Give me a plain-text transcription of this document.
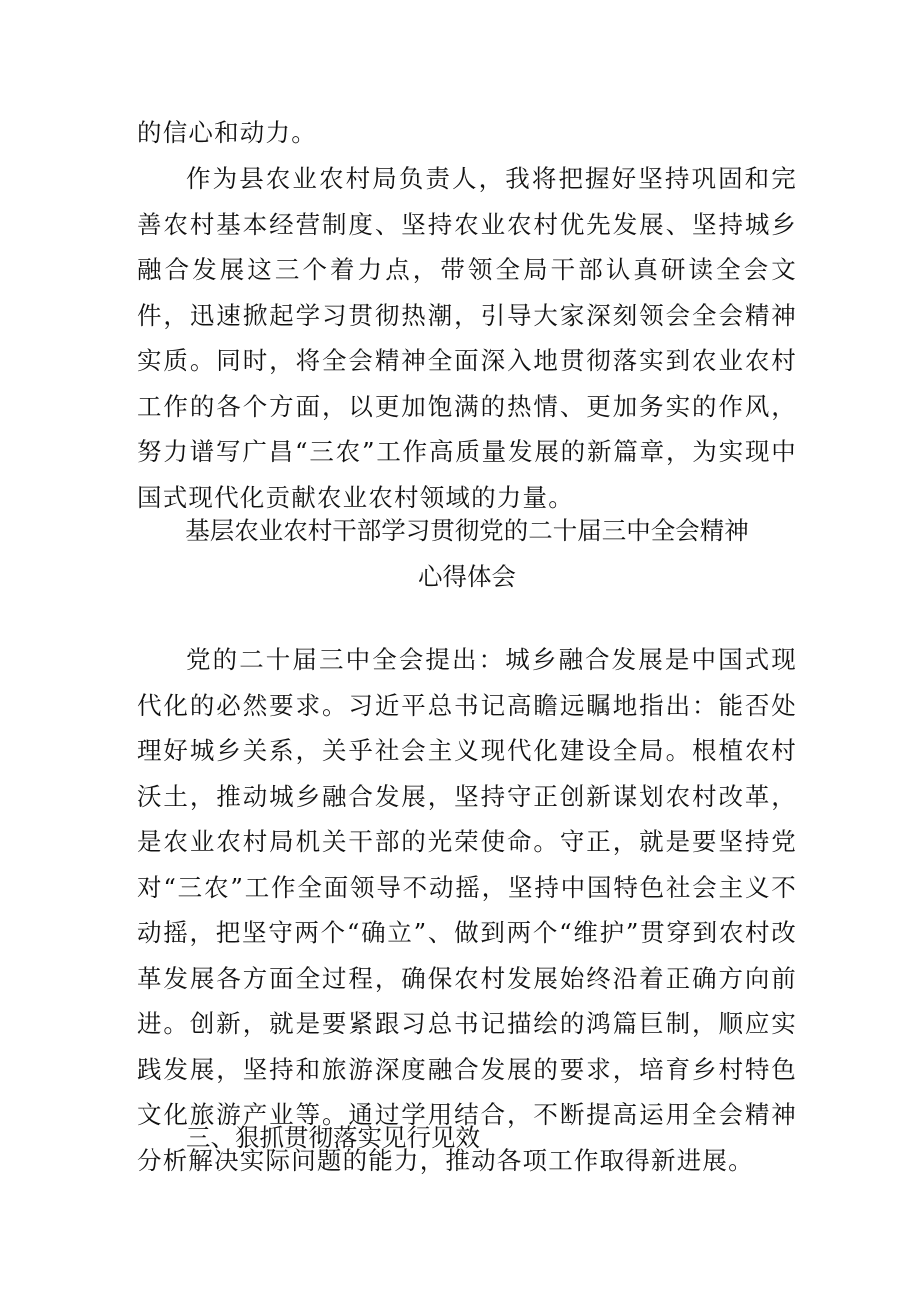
的信心和动力。

作为县农业农村局负责人，我将把握好坚持巩固和完善农村基本经营制度、坚持农业农村优先发展、坚持城乡融合发展这三个着力点，带领全局干部认真研读全会文件，迅速掀起学习贯彻热潮，引导大家深刻领会全会精神实质。同时，将全会精神全面深入地贯彻落实到农业农村工作的各个方面，以更加饱满的热情、更加务实的作风，努力谱写广昌“三农”工作高质量发展的新篇章，为实现中国式现代化贡献农业农村领域的力量。

基层农业农村干部学习贯彻党的二十届三中全会精神

心得体会

党的二十届三中全会提出：城乡融合发展是中国式现代化的必然要求。习近平总书记高瞻远瞩地指出：能否处理好城乡关系，关乎社会主义现代化建设全局。根植农村沃土，推动城乡融合发展，坚持守正创新谋划农村改革，是农业农村局机关干部的光荣使命。守正，就是要坚持党对“三农”工作全面领导不动摇，坚持中国特色社会主义不动摇，把坚守两个“确立”、做到两个“维护”贯穿到农村改革发展各方面全过程，确保农村发展始终沿着正确方向前进。创新，就是要紧跟习总书记描绘的鸿篇巨制，顺应实践发展，坚持和旅游深度融合发展的要求，培育乡村特色文化旅游产业等。通过学用结合，不断提高运用全会精神分析解决实际问题的能力，推动各项工作取得新进展。

三、狠抓贯彻落实见行见效
